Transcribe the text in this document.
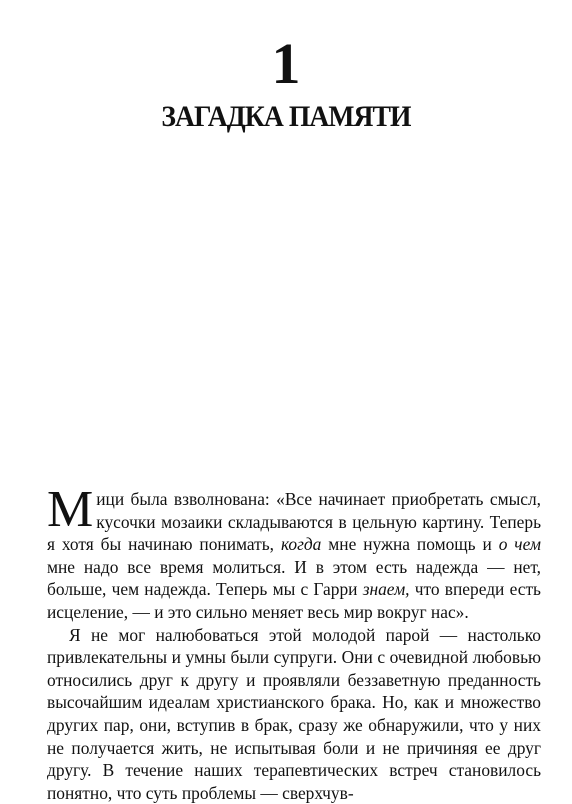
1
ЗАГАДКА ПАМЯТИ

Мици была взволнована: «Все начинает приобретать смысл, кусочки мозаики складываются в цельную картину. Теперь я хотя бы начинаю понимать, когда мне нужна помощь и о чем мне надо все время молиться. И в этом есть надежда — нет, больше, чем надежда. Теперь мы с Гарри знаем, что впереди есть исцеление, — и это сильно меняет весь мир вокруг нас».

Я не мог налюбоваться этой молодой парой — настолько привлекательны и умны были супруги. Они с очевидной любовью относились друг к другу и проявляли беззаветную преданность высочайшим идеалам христианского брака. Но, как и множество других пар, они, вступив в брак, сразу же обнаружили, что у них не получается жить, не испытывая боли и не причиняя ее друг другу. В течение наших терапевтических встреч становилось понятно, что суть проблемы — сверхчув-
